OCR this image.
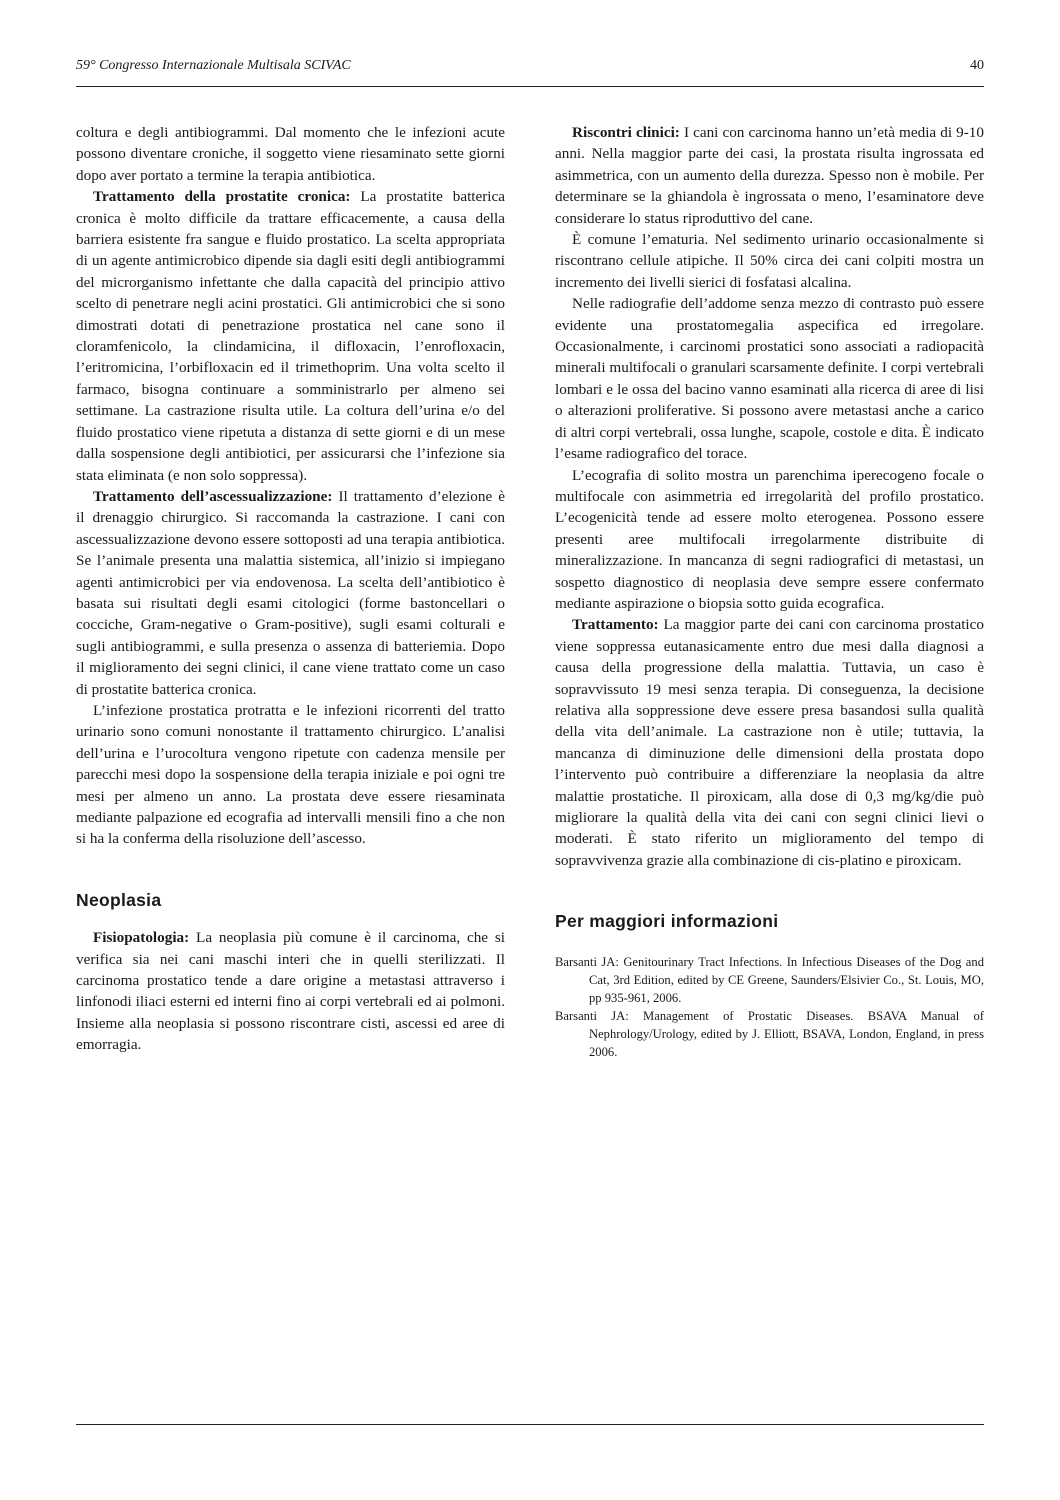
59° Congresso Internazionale Multisala SCIVAC	40

coltura e degli antibiogrammi. Dal momento che le infezioni acute possono diventare croniche, il soggetto viene riesaminato sette giorni dopo aver portato a termine la terapia antibiotica.

Trattamento della prostatite cronica: La prostatite batterica cronica è molto difficile da trattare efficacemente, a causa della barriera esistente fra sangue e fluido prostatico. La scelta appropriata di un agente antimicrobico dipende sia dagli esiti degli antibiogrammi del microrganismo infettante che dalla capacità del principio attivo scelto di penetrare negli acini prostatici. Gli antimicrobici che si sono dimostrati dotati di penetrazione prostatica nel cane sono il cloramfenicolo, la clindamicina, il difloxacin, l’enrofloxacin, l’eritromicina, l’orbifloxacin ed il trimethoprim. Una volta scelto il farmaco, bisogna continuare a somministrarlo per almeno sei settimane. La castrazione risulta utile. La coltura dell’urina e/o del fluido prostatico viene ripetuta a distanza di sette giorni e di un mese dalla sospensione degli antibiotici, per assicurarsi che l’infezione sia stata eliminata (e non solo soppressa).

Trattamento dell’ascessualizzazione: Il trattamento d’elezione è il drenaggio chirurgico. Si raccomanda la castrazione. I cani con ascessualizzazione devono essere sottoposti ad una terapia antibiotica. Se l’animale presenta una malattia sistemica, all’inizio si impiegano agenti antimicrobici per via endovenosa. La scelta dell’antibiotico è basata sui risultati degli esami citologici (forme bastoncellari o cocciche, Gram-negative o Gram-positive), sugli esami colturali e sugli antibiogrammi, e sulla presenza o assenza di batteriemia. Dopo il miglioramento dei segni clinici, il cane viene trattato come un caso di prostatite batterica cronica.

L’infezione prostatica protratta e le infezioni ricorrenti del tratto urinario sono comuni nonostante il trattamento chirurgico. L’analisi dell’urina e l’urocoltura vengono ripetute con cadenza mensile per parecchi mesi dopo la sospensione della terapia iniziale e poi ogni tre mesi per almeno un anno. La prostata deve essere riesaminata mediante palpazione ed ecografia ad intervalli mensili fino a che non si ha la conferma della risoluzione dell’ascesso.

Neoplasia

Fisiopatologia: La neoplasia più comune è il carcinoma, che si verifica sia nei cani maschi interi che in quelli sterilizzati. Il carcinoma prostatico tende a dare origine a metastasi attraverso i linfonodi iliaci esterni ed interni fino ai corpi vertebrali ed ai polmoni. Insieme alla neoplasia si possono riscontrare cisti, ascessi ed aree di emorragia.

Riscontri clinici: I cani con carcinoma hanno un’età media di 9-10 anni. Nella maggior parte dei casi, la prostata risulta ingrossata ed asimmetrica, con un aumento della durezza. Spesso non è mobile. Per determinare se la ghiandola è ingrossata o meno, l’esaminatore deve considerare lo status riproduttivo del cane.

È comune l’ematuria. Nel sedimento urinario occasionalmente si riscontrano cellule atipiche. Il 50% circa dei cani colpiti mostra un incremento dei livelli sierici di fosfatasi alcalina.

Nelle radiografie dell’addome senza mezzo di contrasto può essere evidente una prostatomegalia aspecifica ed irregolare. Occasionalmente, i carcinomi prostatici sono associati a radiopacità minerali multifocali o granulari scarsamente definite. I corpi vertebrali lombari e le ossa del bacino vanno esaminati alla ricerca di aree di lisi o alterazioni proliferative. Si possono avere metastasi anche a carico di altri corpi vertebrali, ossa lunghe, scapole, costole e dita. È indicato l’esame radiografico del torace.

L’ecografia di solito mostra un parenchima iperecogeno focale o multifocale con asimmetria ed irregolarità del profilo prostatico. L’ecogenicità tende ad essere molto eterogenea. Possono essere presenti aree multifocali irregolarmente distribuite di mineralizzazione. In mancanza di segni radiografici di metastasi, un sospetto diagnostico di neoplasia deve sempre essere confermato mediante aspirazione o biopsia sotto guida ecografica.

Trattamento: La maggior parte dei cani con carcinoma prostatico viene soppressa eutanasicamente entro due mesi dalla diagnosi a causa della progressione della malattia. Tuttavia, un caso è sopravvissuto 19 mesi senza terapia. Di conseguenza, la decisione relativa alla soppressione deve essere presa basandosi sulla qualità della vita dell’animale. La castrazione non è utile; tuttavia, la mancanza di diminuzione delle dimensioni della prostata dopo l’intervento può contribuire a differenziare la neoplasia da altre malattie prostatiche. Il piroxicam, alla dose di 0,3 mg/kg/die può migliorare la qualità della vita dei cani con segni clinici lievi o moderati. È stato riferito un miglioramento del tempo di sopravvivenza grazie alla combinazione di cis-platino e piroxicam.

Per maggiori informazioni

Barsanti JA: Genitourinary Tract Infections. In Infectious Diseases of the Dog and Cat, 3rd Edition, edited by CE Greene, Saunders/Elsivier Co., St. Louis, MO, pp 935-961, 2006.

Barsanti JA: Management of Prostatic Diseases. BSAVA Manual of Nephrology/Urology, edited by J. Elliott, BSAVA, London, England, in press 2006.
